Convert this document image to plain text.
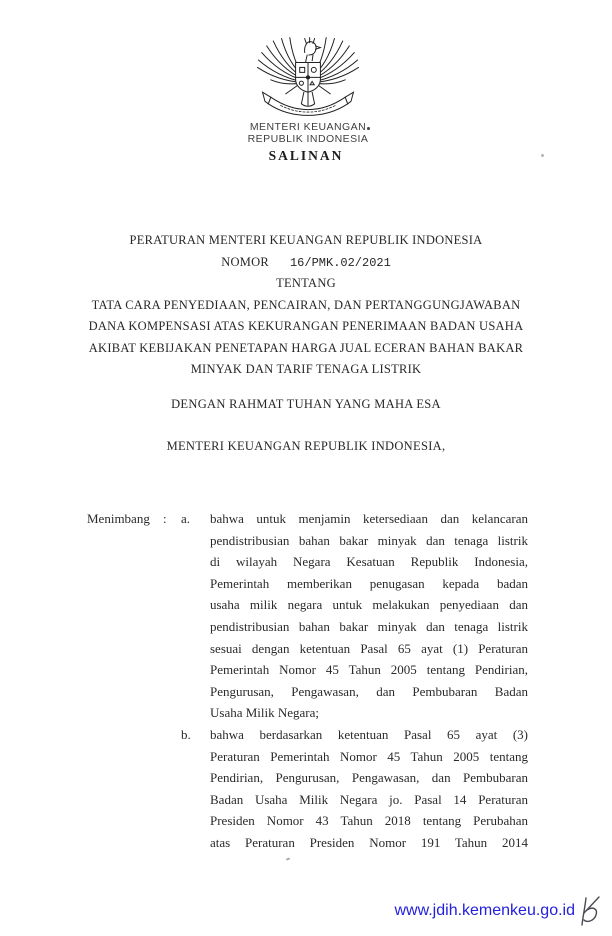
MENTERI KEUANGAN
REPUBLIK INDONESIA
SALINAN
PERATURAN MENTERI KEUANGAN REPUBLIK INDONESIA
NOMOR 16/PMK.02/2021
TENTANG
TATA CARA PENYEDIAAN, PENCAIRAN, DAN PERTANGGUNGJAWABAN
DANA KOMPENSASI ATAS KEKURANGAN PENERIMAAN BADAN USAHA
AKIBAT KEBIJAKAN PENETAPAN HARGA JUAL ECERAN BAHAN BAKAR
MINYAK DAN TARIF TENAGA LISTRIK
DENGAN RAHMAT TUHAN YANG MAHA ESA
MENTERI KEUANGAN REPUBLIK INDONESIA,
Menimbang : a. bahwa untuk menjamin ketersediaan dan kelancaran
pendistribusian bahan bakar minyak dan tenaga listrik
di wilayah Negara Kesatuan Republik Indonesia,
Pemerintah memberikan penugasan kepada badan
usaha milik negara untuk melakukan penyediaan dan
pendistribusian bahan bakar minyak dan tenaga listrik
sesuai dengan ketentuan Pasal 65 ayat (1) Peraturan
Pemerintah Nomor 45 Tahun 2005 tentang Pendirian,
Pengurusan, Pengawasan, dan Pembubaran Badan
Usaha Milik Negara;
b. bahwa berdasarkan ketentuan Pasal 65 ayat (3)
Peraturan Pemerintah Nomor 45 Tahun 2005 tentang
Pendirian, Pengurusan, Pengawasan, dan Pembubaran
Badan Usaha Milik Negara jo. Pasal 14 Peraturan
Presiden Nomor 43 Tahun 2018 tentang Perubahan
atas Peraturan Presiden Nomor 191 Tahun 2014
www.jdih.kemenkeu.go.id
